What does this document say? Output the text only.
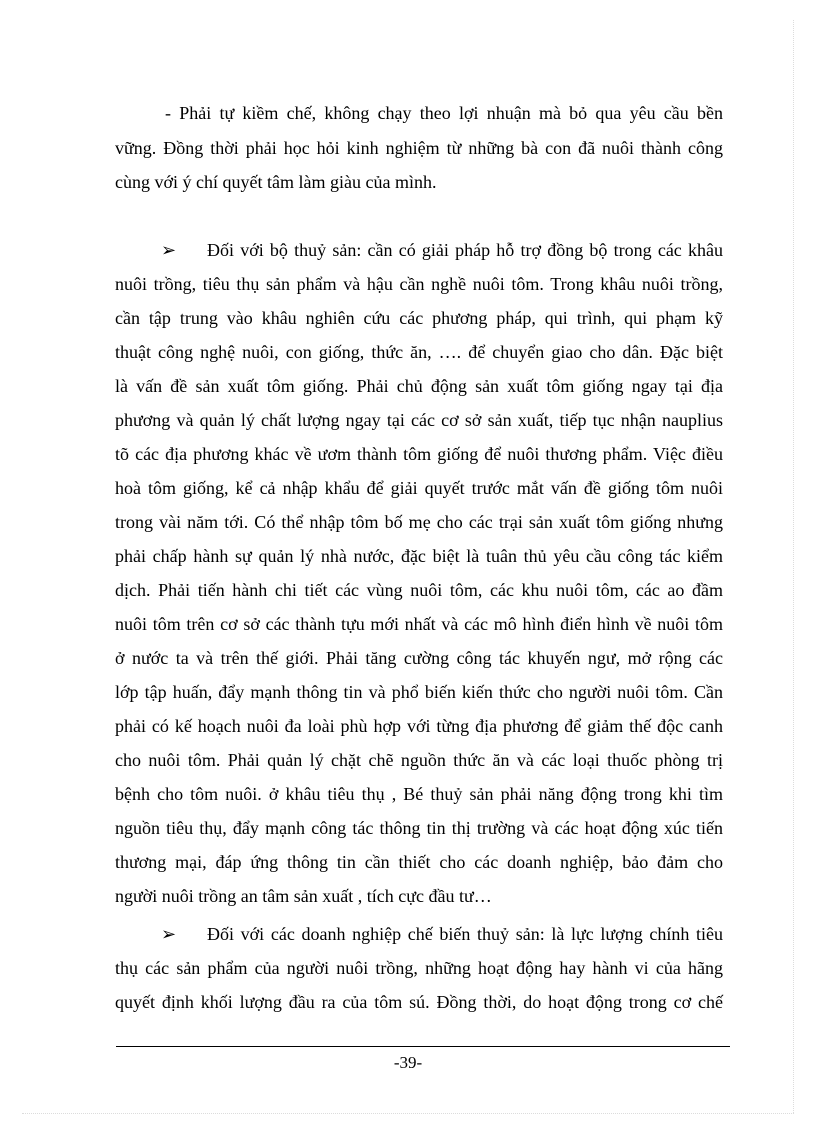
- Phải tự kiềm chế, không chạy theo lợi nhuận mà bỏ qua yêu cầu bền
vững. Đồng thời phải học hỏi kinh nghiệm từ những bà con đã nuôi thành công
cùng với ý chí quyết tâm làm giàu của mình.
➢ Đối với bộ thuỷ sản: cần có giải pháp hỗ trợ đồng bộ trong các khâu
nuôi trồng, tiêu thụ sản phẩm và hậu cần nghề nuôi tôm. Trong khâu nuôi trồng,
cần tập trung vào khâu nghiên cứu các phương pháp, qui trình, qui phạm kỹ
thuật công nghệ nuôi, con giống, thức ăn, …. để chuyển giao cho dân. Đặc biệt
là vấn đề sản xuất tôm giống. Phải chủ động sản xuất tôm giống ngay tại địa
phương và quản lý chất lượng ngay tại các cơ sở sản xuất, tiếp tục nhận nauplius
tõ các địa phương khác về ươm thành tôm giống để nuôi thương phẩm. Việc điều
hoà tôm giống, kể cả nhập khẩu để giải quyết trước mắt vấn đề giống tôm nuôi
trong vài năm tới. Có thể nhập tôm bố mẹ cho các trại sản xuất tôm giống nhưng
phải chấp hành sự quản lý nhà nước, đặc biệt là tuân thủ yêu cầu công tác kiểm
dịch. Phải tiến hành chi tiết các vùng nuôi tôm, các khu nuôi tôm, các ao đầm
nuôi tôm trên cơ sở các thành tựu mới nhất và các mô hình điển hình về nuôi tôm
ở nước ta và trên thế giới. Phải tăng cường công tác khuyến ngư, mở rộng các
lớp tập huấn, đẩy mạnh thông tin và phổ biến kiến thức cho người nuôi tôm. Cần
phải có kế hoạch nuôi đa loài phù hợp với từng địa phương để giảm thế độc canh
cho nuôi tôm. Phải quản lý chặt chẽ nguồn thức ăn và các loại thuốc phòng trị
bệnh cho tôm nuôi. ở khâu tiêu thụ , Bé thuỷ sản phải năng động trong khi tìm
nguồn tiêu thụ, đẩy mạnh công tác thông tin thị trường và các hoạt động xúc tiến
thương mại, đáp ứng thông tin cần thiết cho các doanh nghiệp, bảo đảm cho
người nuôi trồng an tâm sản xuất , tích cực đầu tư…
➢ Đối với các doanh nghiệp chế biến thuỷ sản: là lực lượng chính tiêu
thụ các sản phẩm của người nuôi trồng, những hoạt động hay hành vi của hãng
quyết định khối lượng đầu ra của tôm sú. Đồng thời, do hoạt động trong cơ chế
-39-
